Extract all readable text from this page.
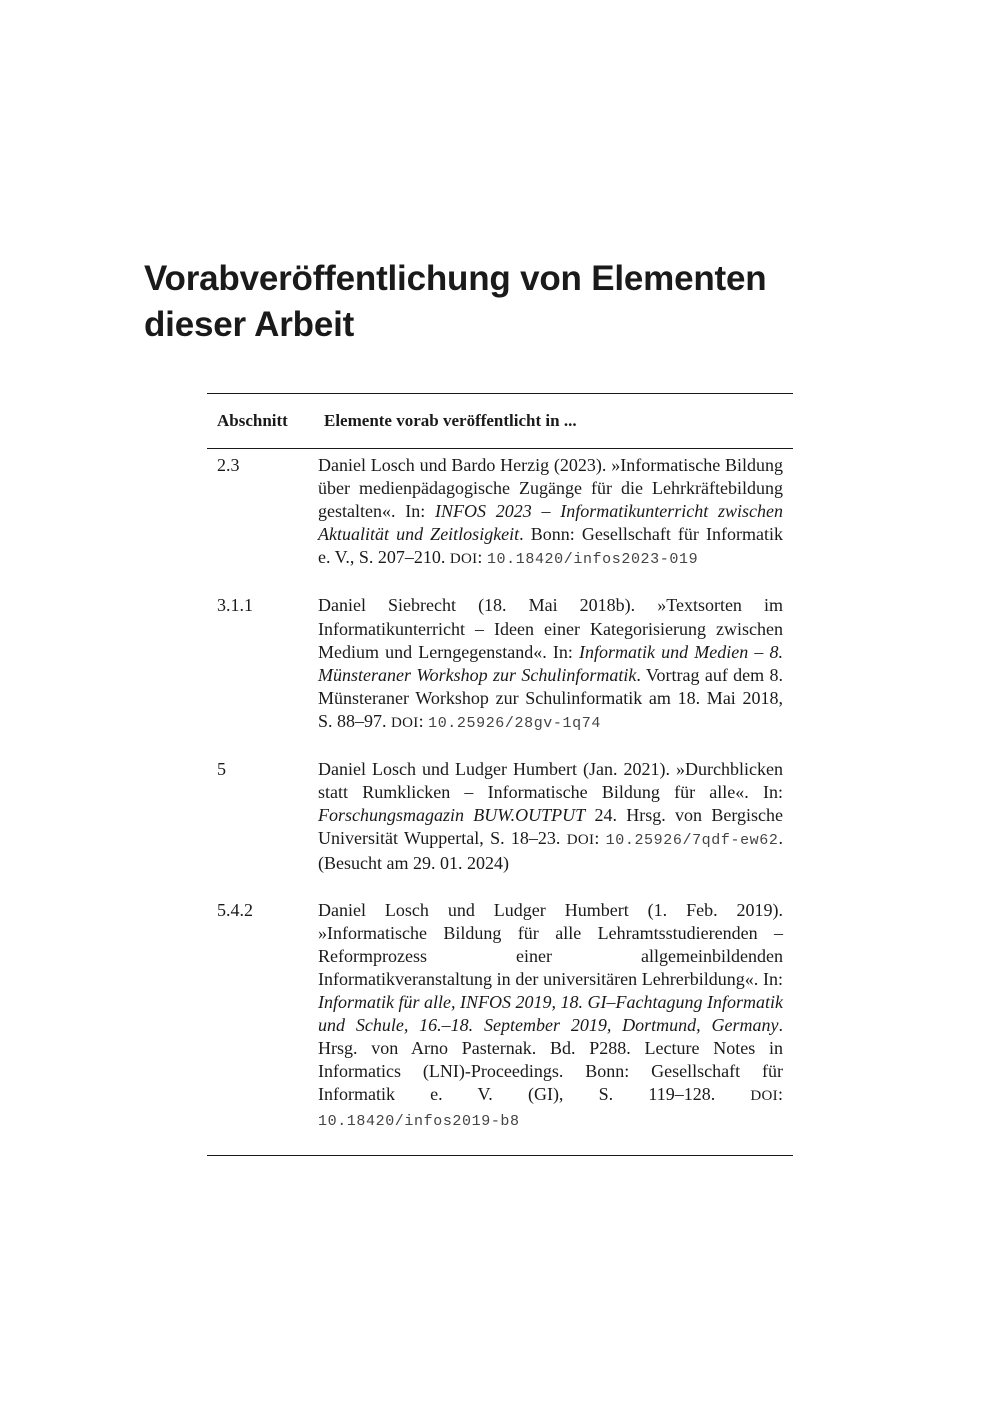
Vorabveröffentlichung von Elementen
dieser Arbeit
Abschnitt	Elemente vorab veröffentlicht in ...
2.3	Daniel Losch und Bardo Herzig (2023). »Informatische Bildung über medienpädagogische Zugänge für die Lehrkräftebildung gestalten«. In: INFOS 2023 – Informatikunterricht zwischen Aktualität und Zeitlosigkeit. Bonn: Gesellschaft für Informatik e. V., S. 207–210. DOI: 10.18420/infos2023-019
3.1.1	Daniel Siebrecht (18. Mai 2018b). »Textsorten im Informatikunterricht – Ideen einer Kategorisierung zwischen Medium und Lerngegenstand«. In: Informatik und Medien – 8. Münsteraner Workshop zur Schulinformatik. Vortrag auf dem 8. Münsteraner Workshop zur Schulinformatik am 18. Mai 2018, S. 88–97. DOI: 10.25926/28gv-1q74
5	Daniel Losch und Ludger Humbert (Jan. 2021). »Durchblicken statt Rumklicken – Informatische Bildung für alle«. In: Forschungsmagazin BUW.OUTPUT 24. Hrsg. von Bergische Universität Wuppertal, S. 18–23. DOI: 10.25926/7qdf-ew62. (Besucht am 29. 01. 2024)
5.4.2	Daniel Losch und Ludger Humbert (1. Feb. 2019). »Informatische Bildung für alle Lehramtsstudierenden – Reformprozess einer allgemeinbildenden Informatikveranstaltung in der universitären Lehrerbildung«. In: Informatik für alle, INFOS 2019, 18. GI–Fachtagung Informatik und Schule, 16.–18. September 2019, Dortmund, Germany. Hrsg. von Arno Pasternak. Bd. P288. Lecture Notes in Informatics (LNI)-Proceedings. Bonn: Gesellschaft für Informatik e. V. (GI), S. 119–128. DOI: 10.18420/infos2019-b8
